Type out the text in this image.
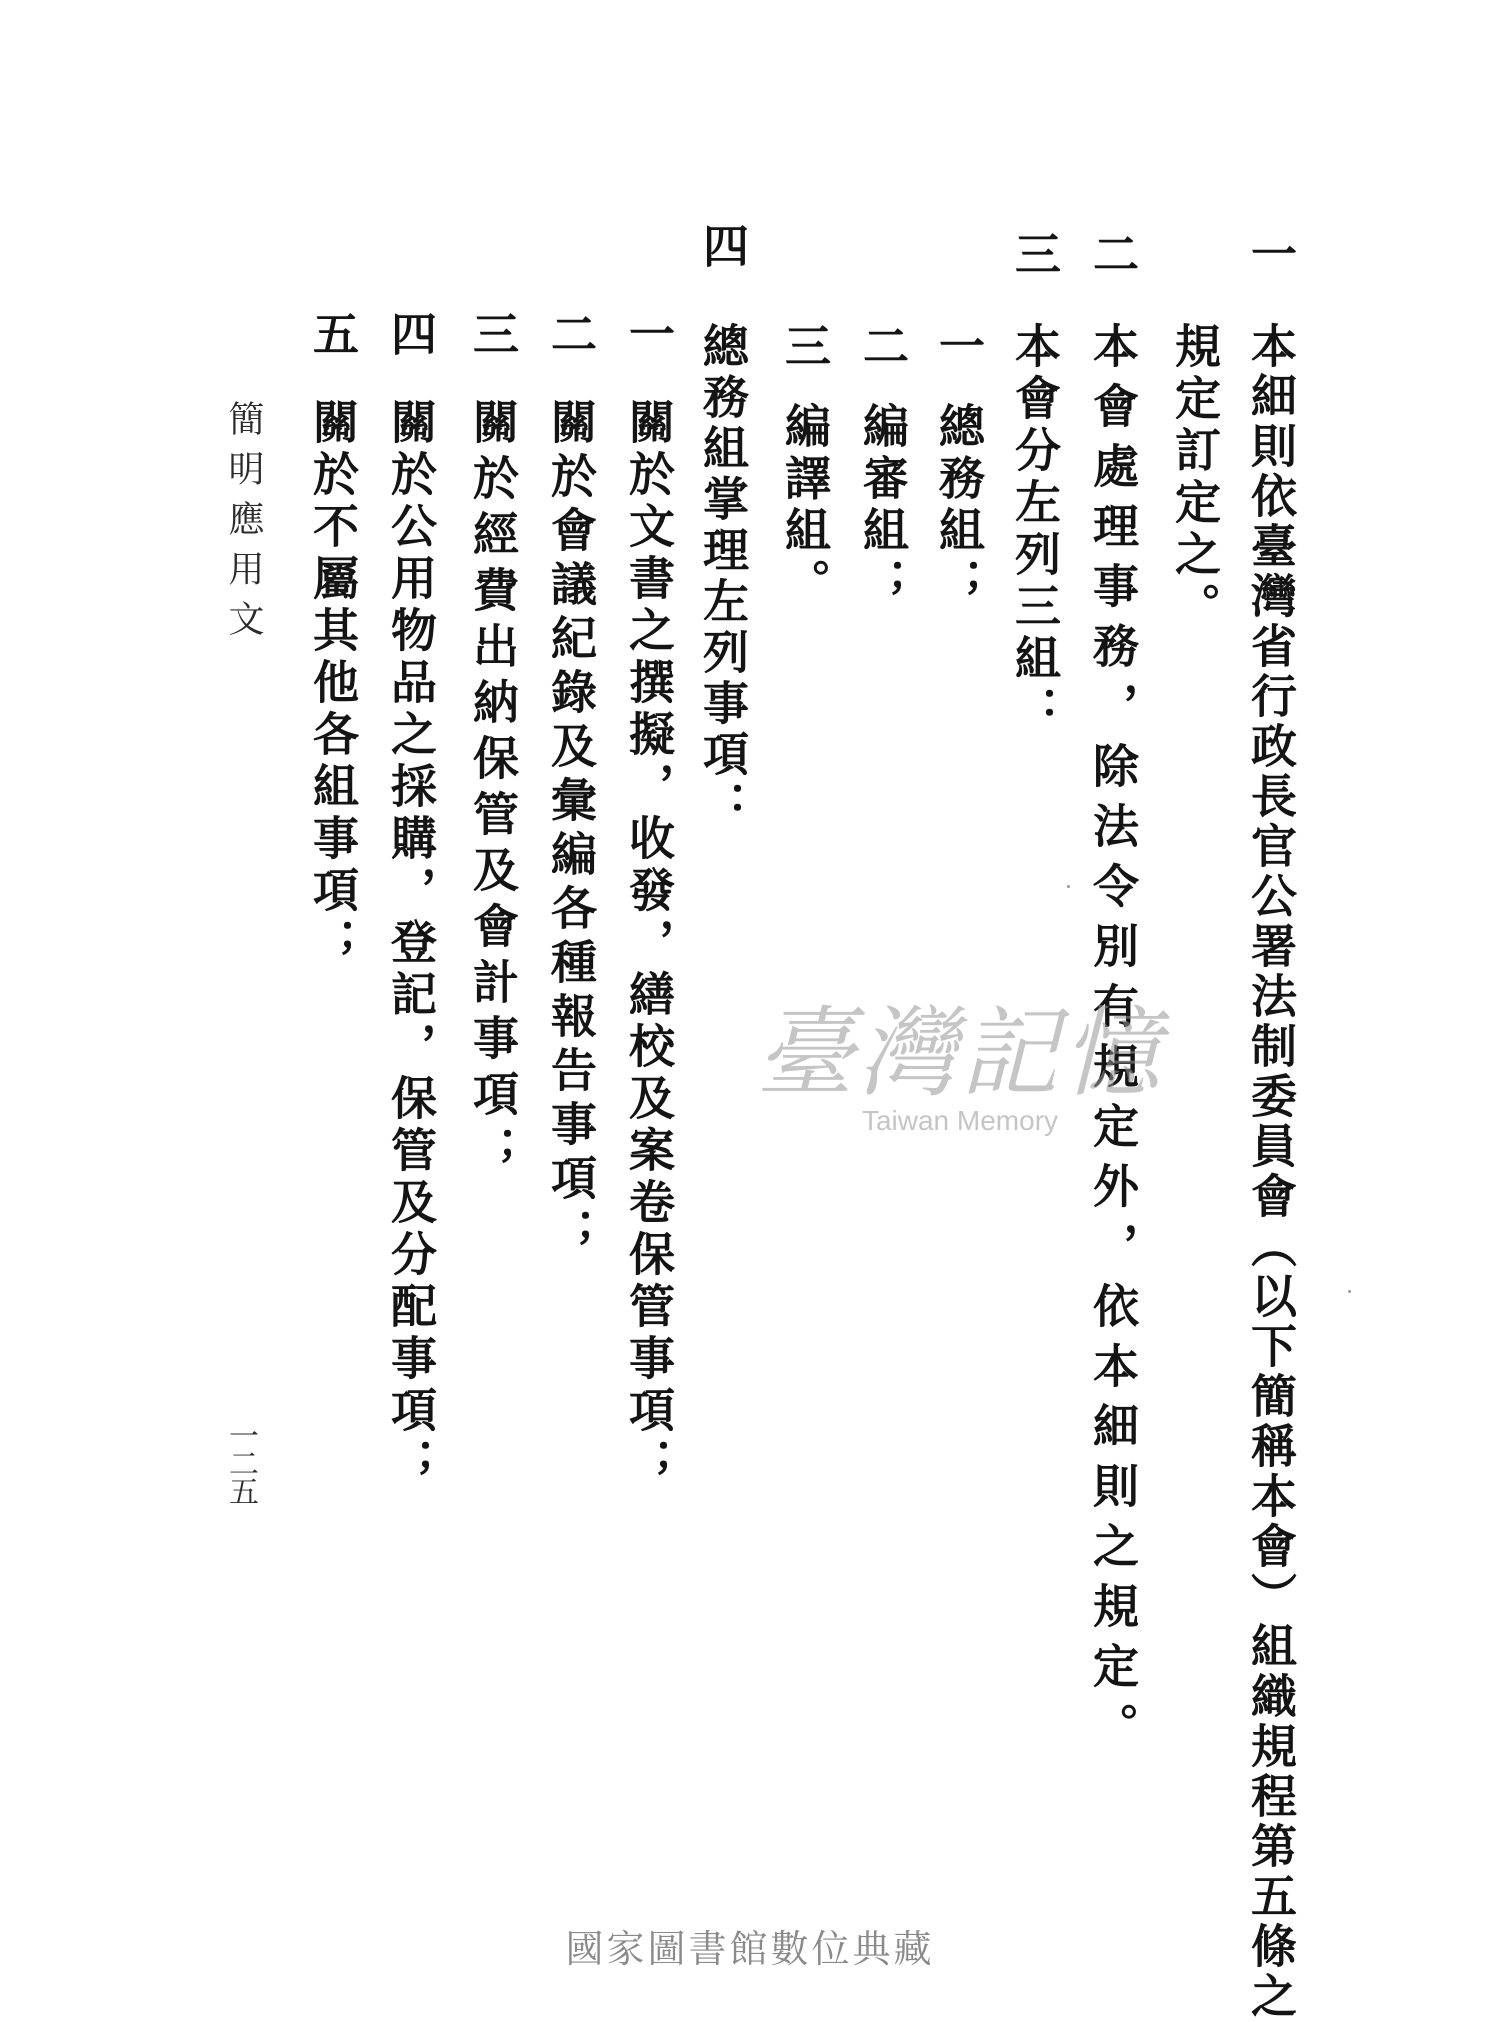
一
本細則依臺灣省行政長官公署法制委員會（以下簡稱本會）組織規程第五條之
規定訂定之。
二
本會處理事務，除法令別有規定外，依本細則之規定。
三
本會分左列三組：
一
總務組；
二
編審組；
三
編譯組。
四
總務組掌理左列事項：
一
關於文書之撰擬，收發，繕校及案卷保管事項；
二
關於會議紀錄及彙編各種報告事項；
三
關於經費出納保管及會計事項；
四
關於公用物品之採購，登記，保管及分配事項；
五
關於不屬其他各組事項；
簡明應用文
一二五
臺灣記憶
Taiwan Memory
國家圖書館數位典藏
